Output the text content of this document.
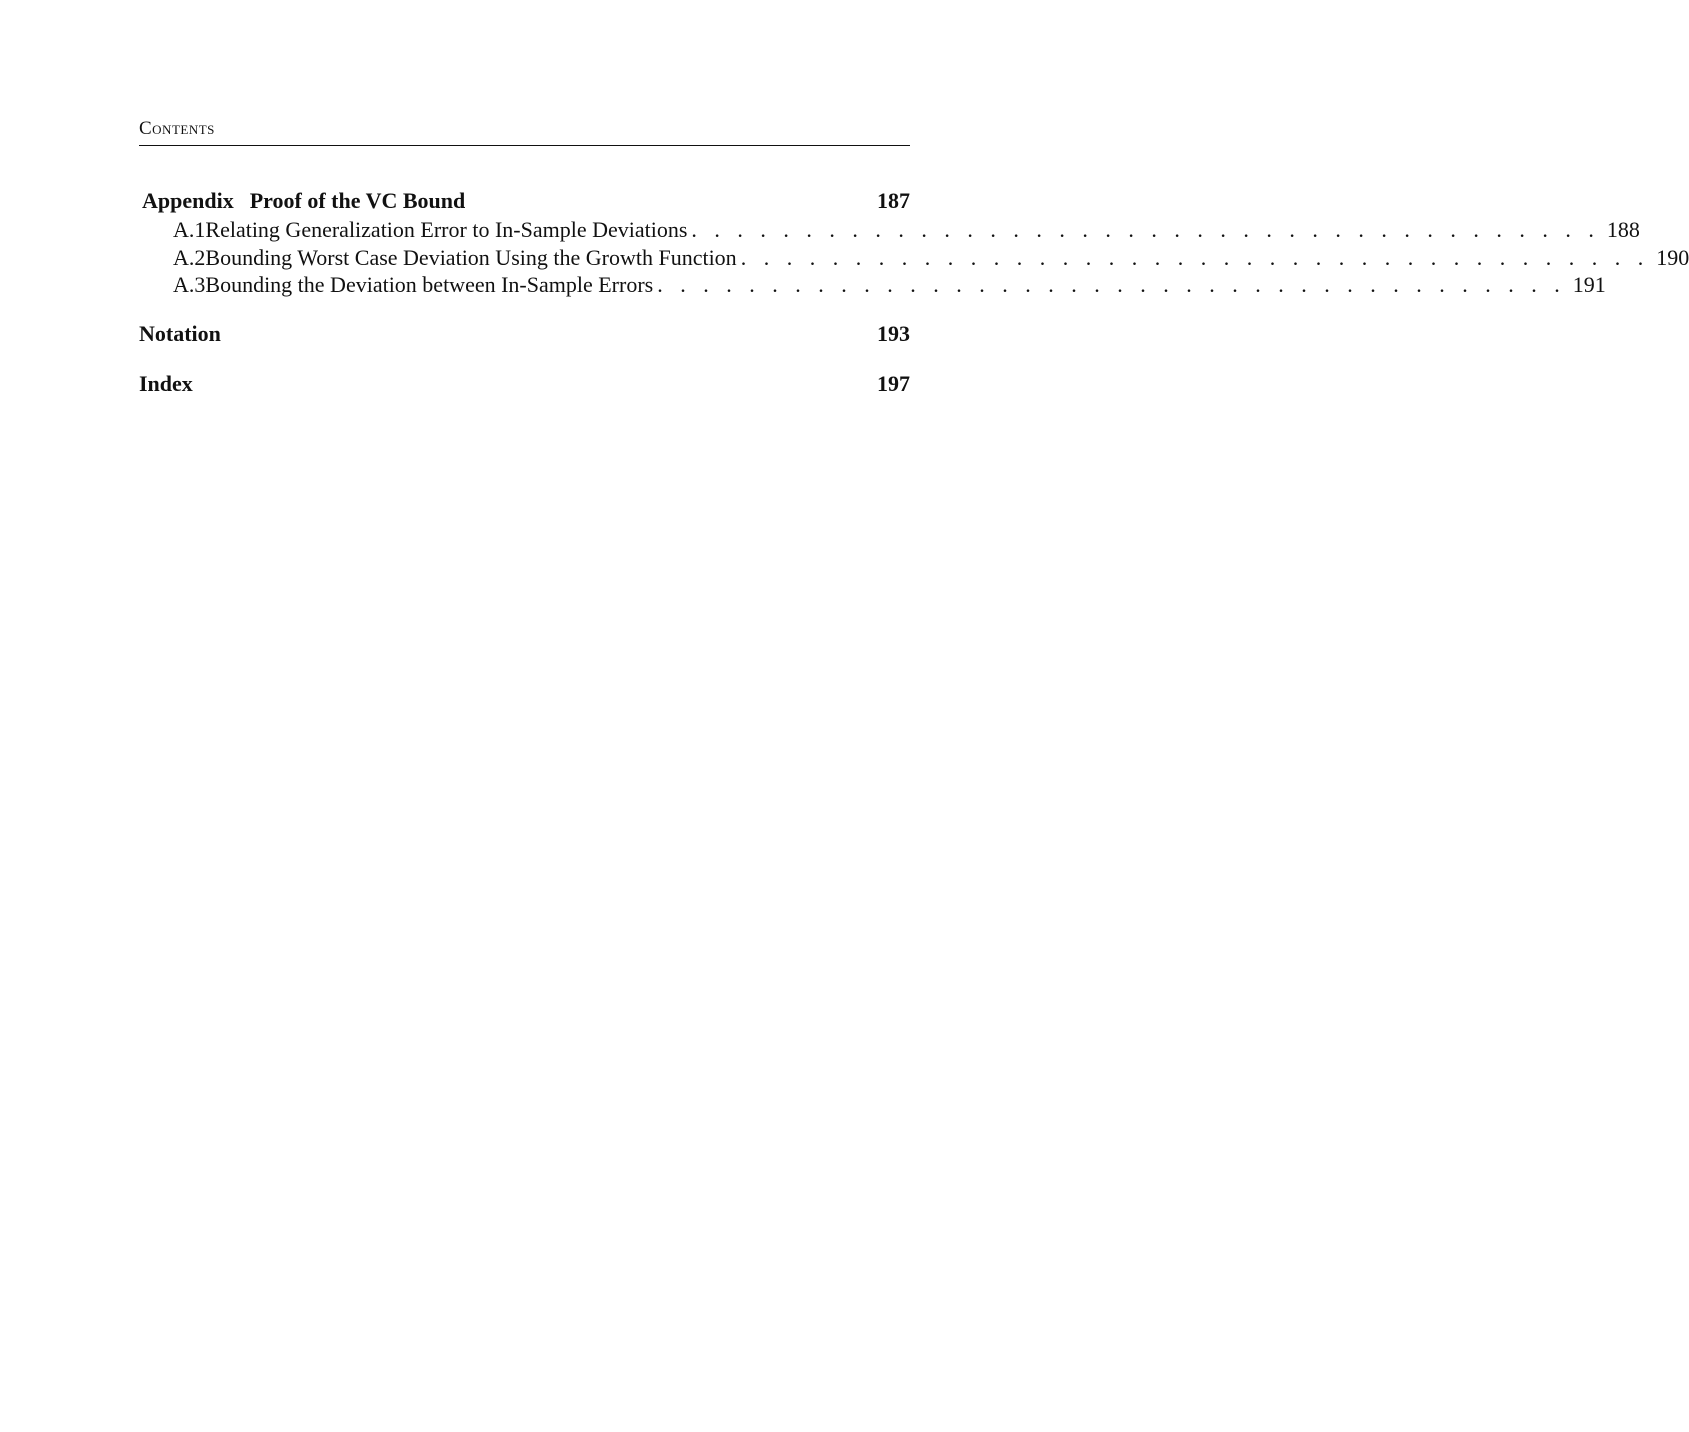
Contents
Appendix Proof of the VC Bound	187
A.1 Relating Generalization Error to In-Sample Deviations . . . . . . . . . . . . . . . . . . . . . . . . . . . . . . . . . . . . . . . . 188
A.2 Bounding Worst Case Deviation Using the Growth Function . . . . . . . . . . . . . . . . . . . . . . . . . . . . . . . . . . . . . . . . 190
A.3 Bounding the Deviation between In-Sample Errors . . . . . . . . . . . . . . . . . . . . . . . . . . . . . . . . . . . . . . . . 191
Notation	193
Index	197
